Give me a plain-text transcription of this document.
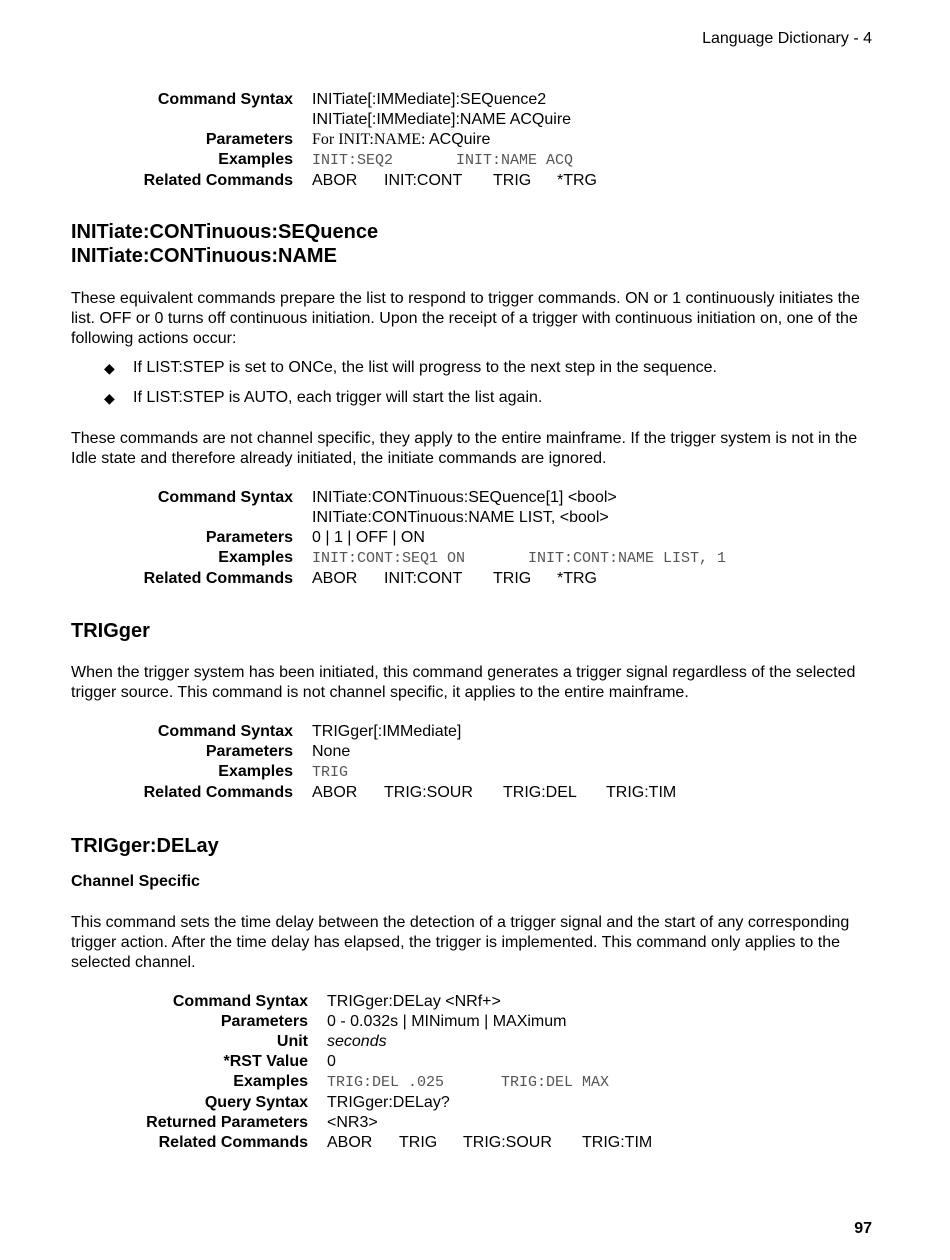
Language Dictionary - 4
Command Syntax	INITiate[:IMMediate]:SEQuence2
INITiate[:IMMediate]:NAME ACQuire
Parameters	For INIT:NAME: ACQuire
Examples	INIT:SEQ2	INIT:NAME ACQ
Related Commands	ABOR INIT:CONT TRIG *TRG
INITiate:CONTinuous:SEQuence
INITiate:CONTinuous:NAME
These equivalent commands prepare the list to respond to trigger commands. ON or 1 continuously initiates the list. OFF or 0 turns off continuous initiation. Upon the receipt of a trigger with continuous initiation on, one of the following actions occur:
◆	If LIST:STEP is set to ONCe, the list will progress to the next step in the sequence.
◆	If LIST:STEP is AUTO, each trigger will start the list again.
These commands are not channel specific, they apply to the entire mainframe. If the trigger system is not in the Idle state and therefore already initiated, the initiate commands are ignored.
Command Syntax	INITiate:CONTinuous:SEQuence[1] <bool>
INITiate:CONTinuous:NAME LIST, <bool>
Parameters	0 | 1 | OFF | ON
Examples	INIT:CONT:SEQ1 ON	INIT:CONT:NAME LIST, 1
Related Commands	ABOR INIT:CONT TRIG *TRG
TRIGger
When the trigger system has been initiated, this command generates a trigger signal regardless of the selected trigger source. This command is not channel specific, it applies to the entire mainframe.
Command Syntax	TRIGger[:IMMediate]
Parameters	None
Examples	TRIG
Related Commands	ABOR TRIG:SOUR TRIG:DEL TRIG:TIM
TRIGger:DELay
Channel Specific
This command sets the time delay between the detection of a trigger signal and the start of any corresponding trigger action. After the time delay has elapsed, the trigger is implemented. This command only applies to the selected channel.
Command Syntax	TRIGger:DELay <NRf+>
Parameters	0 - 0.032s | MINimum | MAXimum
Unit	seconds
*RST Value	0
Examples	TRIG:DEL .025	TRIG:DEL MAX
Query Syntax	TRIGger:DELay?
Returned Parameters	<NR3>
Related Commands	ABOR TRIG TRIG:SOUR TRIG:TIM
97
